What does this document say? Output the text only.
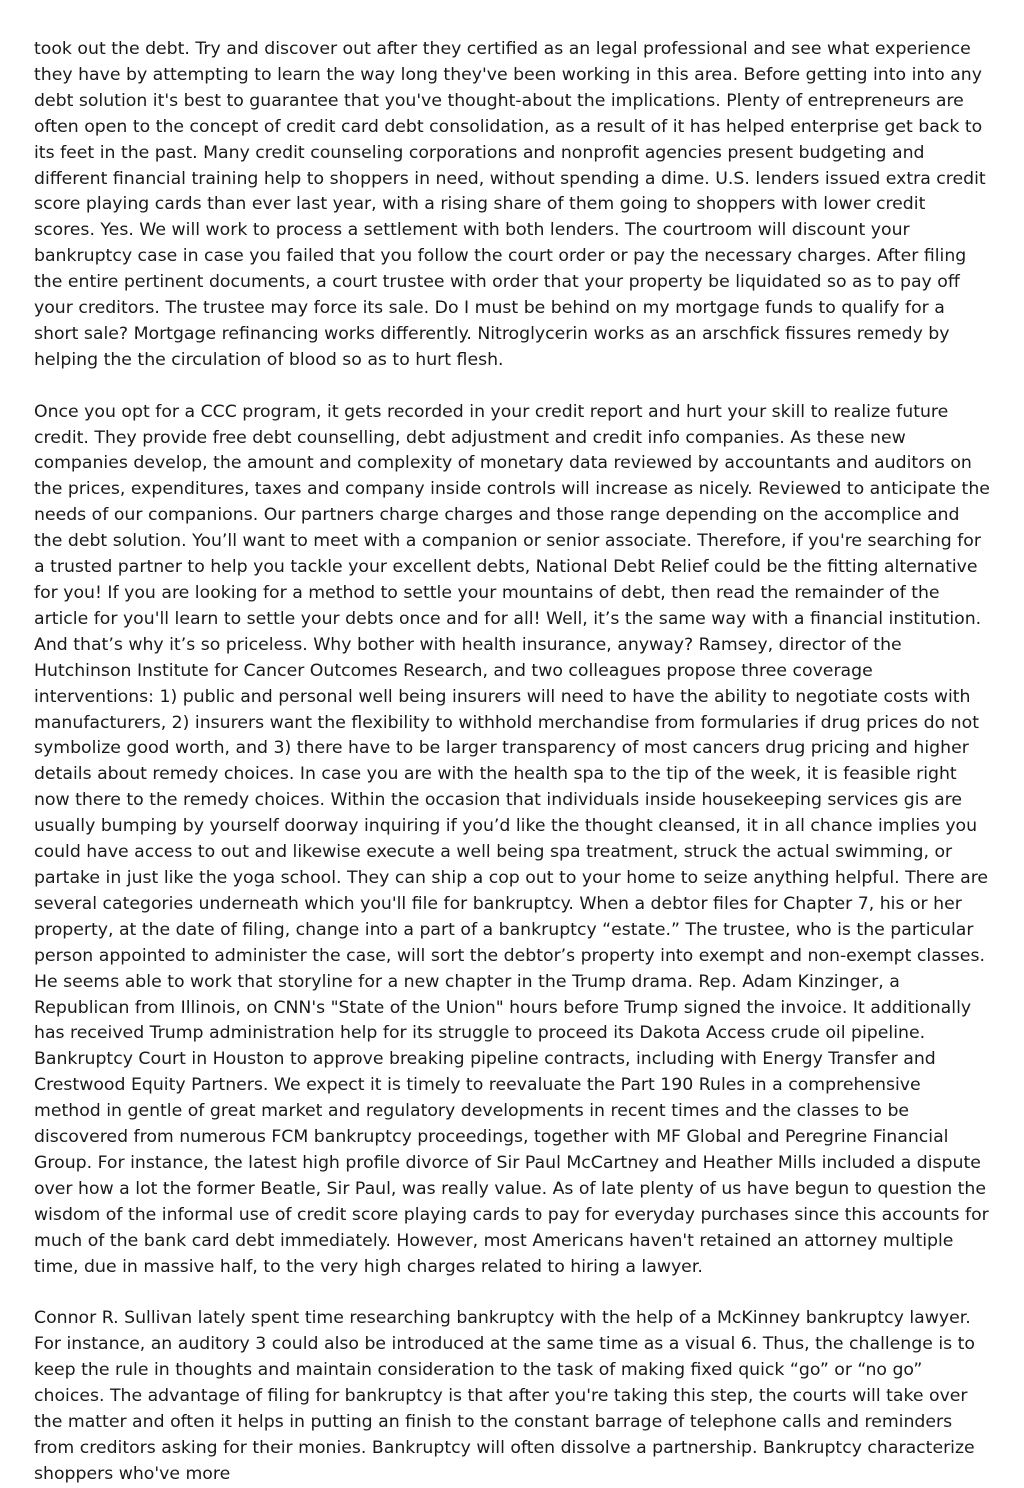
took out the debt. Try and discover out after they certified as an legal professional and see what experience they have by attempting to learn the way long they've been working in this area. Before getting into into any debt solution it's best to guarantee that you've thought-about the implications. Plenty of entrepreneurs are often open to the concept of credit card debt consolidation, as a result of it has helped enterprise get back to its feet in the past. Many credit counseling corporations and nonprofit agencies present budgeting and different financial training help to shoppers in need, without spending a dime. U.S. lenders issued extra credit score playing cards than ever last year, with a rising share of them going to shoppers with lower credit scores. Yes. We will work to process a settlement with both lenders. The courtroom will discount your bankruptcy case in case you failed that you follow the court order or pay the necessary charges. After filing the entire pertinent documents, a court trustee with order that your property be liquidated so as to pay off your creditors. The trustee may force its sale. Do I must be behind on my mortgage funds to qualify for a short sale? Mortgage refinancing works differently. Nitroglycerin works as an arschfick fissures remedy by helping the the circulation of blood so as to hurt flesh.

Once you opt for a CCC program, it gets recorded in your credit report and hurt your skill to realize future credit. They provide free debt counselling, debt adjustment and credit info companies. As these new companies develop, the amount and complexity of monetary data reviewed by accountants and auditors on the prices, expenditures, taxes and company inside controls will increase as nicely. Reviewed to anticipate the needs of our companions. Our partners charge charges and those range depending on the accomplice and the debt solution. You’ll want to meet with a companion or senior associate. Therefore, if you're searching for a trusted partner to help you tackle your excellent debts, National Debt Relief could be the fitting alternative for you! If you are looking for a method to settle your mountains of debt, then read the remainder of the article for you'll learn to settle your debts once and for all! Well, it’s the same way with a financial institution. And that’s why it’s so priceless. Why bother with health insurance, anyway? Ramsey, director of the Hutchinson Institute for Cancer Outcomes Research, and two colleagues propose three coverage interventions: 1) public and personal well being insurers will need to have the ability to negotiate costs with manufacturers, 2) insurers want the flexibility to withhold merchandise from formularies if drug prices do not symbolize good worth, and 3) there have to be larger transparency of most cancers drug pricing and higher details about remedy choices. In case you are with the health spa to the tip of the week, it is feasible right now there to the remedy choices. Within the occasion that individuals inside housekeeping services gis are usually bumping by yourself doorway inquiring if you’d like the thought cleansed, it in all chance implies you could have access to out and likewise execute a well being spa treatment, struck the actual swimming, or partake in just like the yoga school. They can ship a cop out to your home to seize anything helpful. There are several categories underneath which you'll file for bankruptcy. When a debtor files for Chapter 7, his or her property, at the date of filing, change into a part of a bankruptcy “estate.” The trustee, who is the particular person appointed to administer the case, will sort the debtor’s property into exempt and non-exempt classes. He seems able to work that storyline for a new chapter in the Trump drama. Rep. Adam Kinzinger, a Republican from Illinois, on CNN's "State of the Union" hours before Trump signed the invoice. It additionally has received Trump administration help for its struggle to proceed its Dakota Access crude oil pipeline. Bankruptcy Court in Houston to approve breaking pipeline contracts, including with Energy Transfer and Crestwood Equity Partners. We expect it is timely to reevaluate the Part 190 Rules in a comprehensive method in gentle of great market and regulatory developments in recent times and the classes to be discovered from numerous FCM bankruptcy proceedings, together with MF Global and Peregrine Financial Group. For instance, the latest high profile divorce of Sir Paul McCartney and Heather Mills included a dispute over how a lot the former Beatle, Sir Paul, was really value. As of late plenty of us have begun to question the wisdom of the informal use of credit score playing cards to pay for everyday purchases since this accounts for much of the bank card debt immediately. However, most Americans haven't retained an attorney multiple time, due in massive half, to the very high charges related to hiring a lawyer.

Connor R. Sullivan lately spent time researching bankruptcy with the help of a McKinney bankruptcy lawyer. For instance, an auditory 3 could also be introduced at the same time as a visual 6. Thus, the challenge is to keep the rule in thoughts and maintain consideration to the task of making fixed quick “go” or “no go” choices. The advantage of filing for bankruptcy is that after you're taking this step, the courts will take over the matter and often it helps in putting an finish to the constant barrage of telephone calls and reminders from creditors asking for their monies. Bankruptcy will often dissolve a partnership. Bankruptcy characterize shoppers who've more
